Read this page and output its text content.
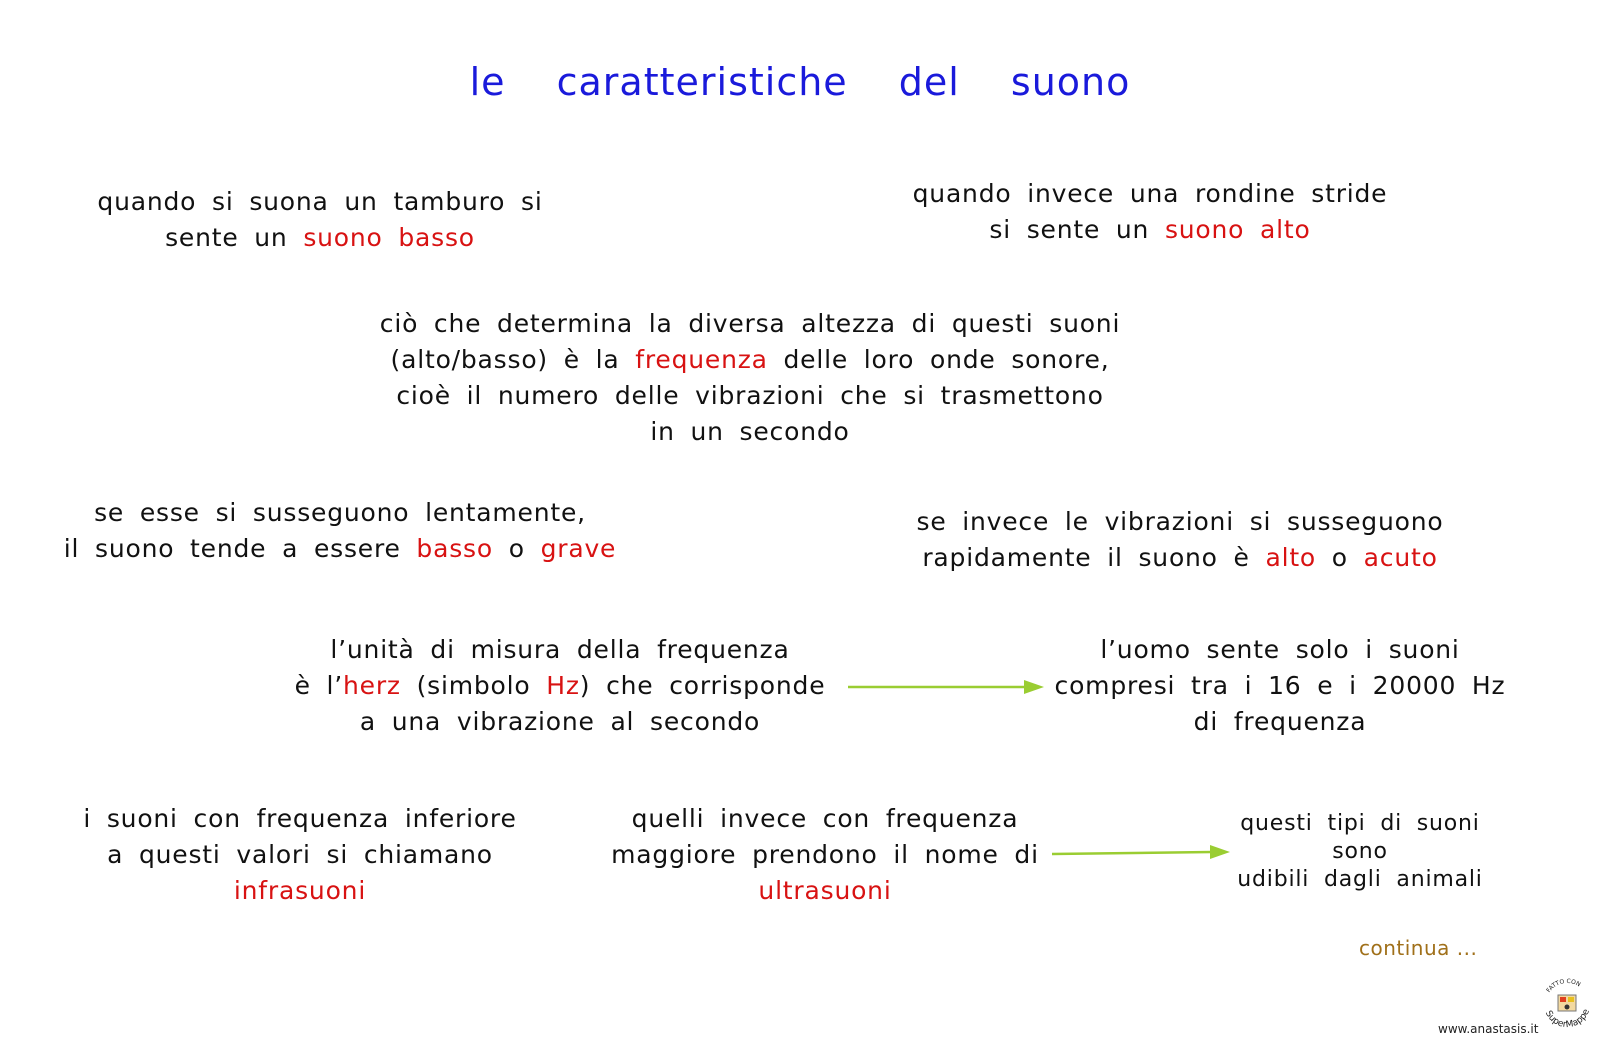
le caratteristiche del suono
quando si suona un tamburo si
sente un suono basso
quando invece una rondine stride
si sente un suono alto
ciò che determina la diversa altezza di questi suoni
(alto/basso) è la frequenza delle loro onde sonore,
cioè il numero delle vibrazioni che si trasmettono
in un secondo
se esse si susseguono lentamente,
il suono tende a essere basso o grave
se invece le vibrazioni si susseguono
rapidamente il suono è alto o acuto
l’unità di misura della frequenza
è l’herz (simbolo Hz) che corrisponde
a una vibrazione al secondo
l’uomo sente solo i suoni
compresi tra i 16 e i 20000 Hz
di frequenza
i suoni con frequenza inferiore
a questi valori si chiamano
infrasuoni
quelli invece con frequenza
maggiore prendono il nome di
ultrasuoni
questi tipi di suoni
sono
udibili dagli animali
continua ...
FATTO CON
SuperMappe
www.anastasis.it
